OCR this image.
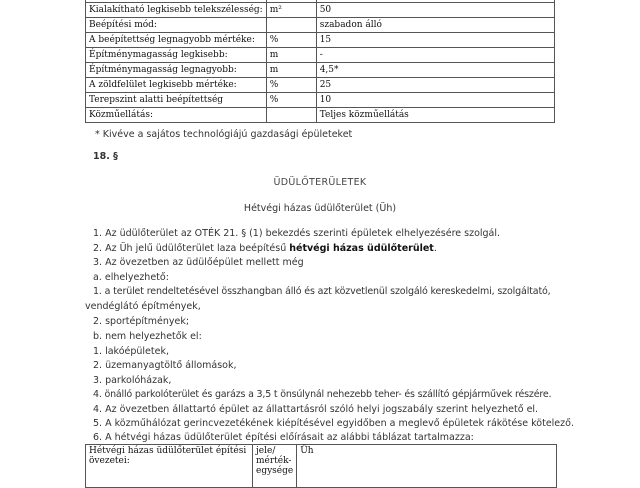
Kialakítható legkisebb telekszélesség:	m²	50
Beépítési mód:		szabadon álló
A beépítettség legnagyobb mértéke:	%	15
Építménymagasság legkisebb:	m	-
Építménymagasság legnagyobb:	m	4,5*
A zöldfelület legkisebb mértéke:	%	25
Terepszint alatti beépítettség	%	10
Közműellátás:		Teljes közműellátás
* Kivéve a sajátos technológiájú gazdasági épületeket
18. §
ÜDÜLŐTERÜLETEK
Hétvégi házas üdülőterület (Üh)
1. Az üdülőterület az OTÉK 21. § (1) bekezdés szerinti épületek elhelyezésére szolgál.
2. Az Üh jelű üdülőterület laza beépítésű hétvégi házas üdülőterület.
3. Az övezetben az üdülőépület mellett még
a. elhelyezhető:
1. a terület rendeltetésével összhangban álló és azt közvetlenül szolgáló kereskedelmi, szolgáltató,
vendéglátó építmények,
2. sportépítmények;
b. nem helyezhetők el:
1. lakóépületek,
2. üzemanyagtöltő állomások,
3. parkolóházak,
4. önálló parkolóterület és garázs a 3,5 t önsúlynál nehezebb teher- és szállító gépjárművek részére.
4. Az övezetben állattartó épület az állattartásról szóló helyi jogszabály szerint helyezhető el.
5. A közműhálózat gerincvezetékének kiépítésével egyidőben a meglevő épületek rákötése kötelező.
6. A hétvégi házas üdülőterület építési előírásait az alábbi táblázat tartalmazza:
Hétvégi házas üdülőterület építési övezetei:	jele/ mérték-egysége	Üh
